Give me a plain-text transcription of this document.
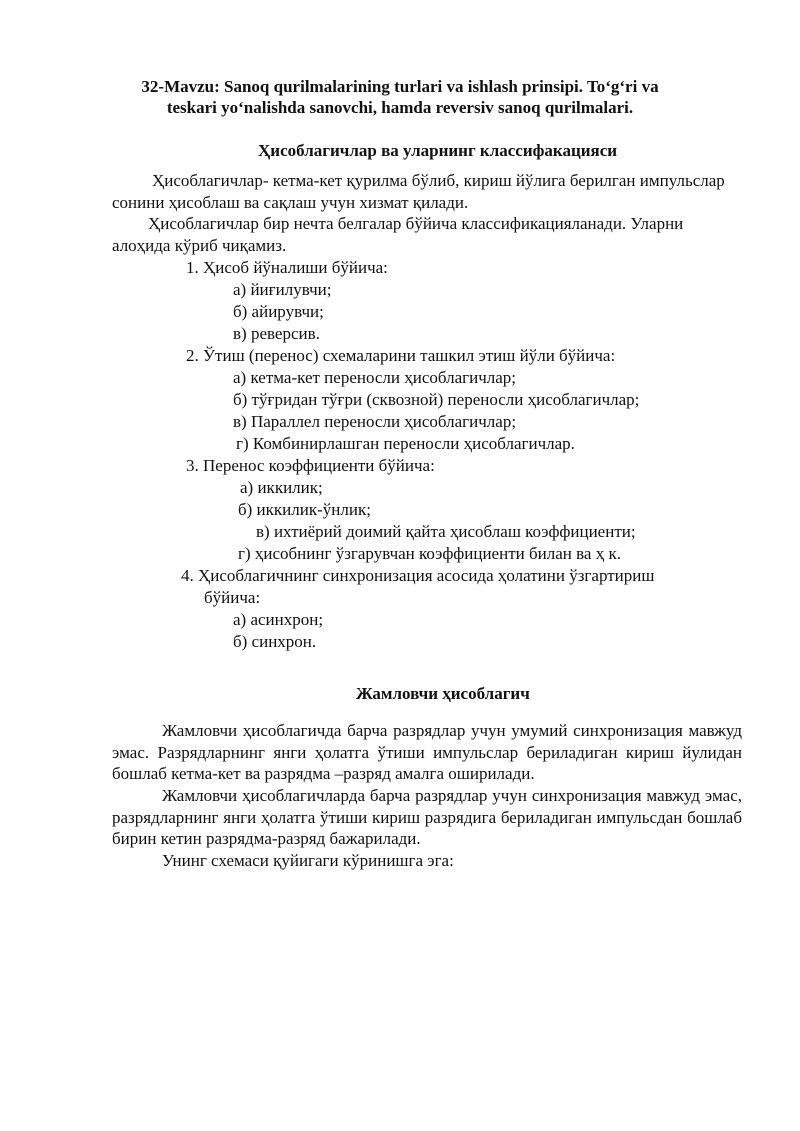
32-Mavzu: Sanoq qurilmalarining turlari va ishlash prinsipi. To‘g‘ri va
teskari yo‘nalishda sanovchi, hamda reversiv sanoq qurilmalari.
Ҳисоблагичлар ва уларнинг классифакацияси

Ҳисоблагичлар- кетма-кет қурилма бўлиб, кириш йўлига берилган импульслар сонини ҳисоблаш ва сақлаш учун хизмат қилади.

Ҳисоблагичлар бир нечта белгалар бўйича классификацияланади. Уларни алоҳида кўриб чиқамиз.

1. Ҳисоб йўналиши бўйича:
а) йиғилувчи;
б) айирувчи;
в) реверсив.
2. Ўтиш (перенос) схемаларини ташкил этиш йўли бўйича:
а) кетма-кет переносли ҳисоблагичлар;
б) тўғридан тўғри (сквозной) переносли ҳисоблагичлар;
в) Параллел переносли ҳисоблагичлар;
г) Комбинирлашган переносли ҳисоблагичлар.
3. Перенос коэффициенти бўйича:
а) иккилик;
б) иккилик-ўнлик;
в) ихтиёрий доимий қайта ҳисоблаш коэффициенти;
г) ҳисобнинг ўзгарувчан коэффициенти билан ва ҳ к.
4. Ҳисоблагичнинг синхронизация асосида ҳолатини ўзгартириш
бўйича:
а) асинхрон;
б) синхрон.
Жамловчи ҳисоблагич

Жамловчи ҳисоблагичда барча разрядлар учун умумий синхронизация мавжуд эмас. Разрядларнинг янги ҳолатга ўтиши импульслар бериладиган кириш йулидан бошлаб кетма-кет ва разрядма –разряд амалга оширилади.

Жамловчи ҳисоблагичларда барча разрядлар учун синхронизация мавжуд эмас, разрядларнинг янги ҳолатга ўтиши кириш разрядига бериладиган импульсдан бошлаб бирин кетин разрядма-разряд бажарилади.

Унинг схемаси қуйигаги кўринишга эга:
